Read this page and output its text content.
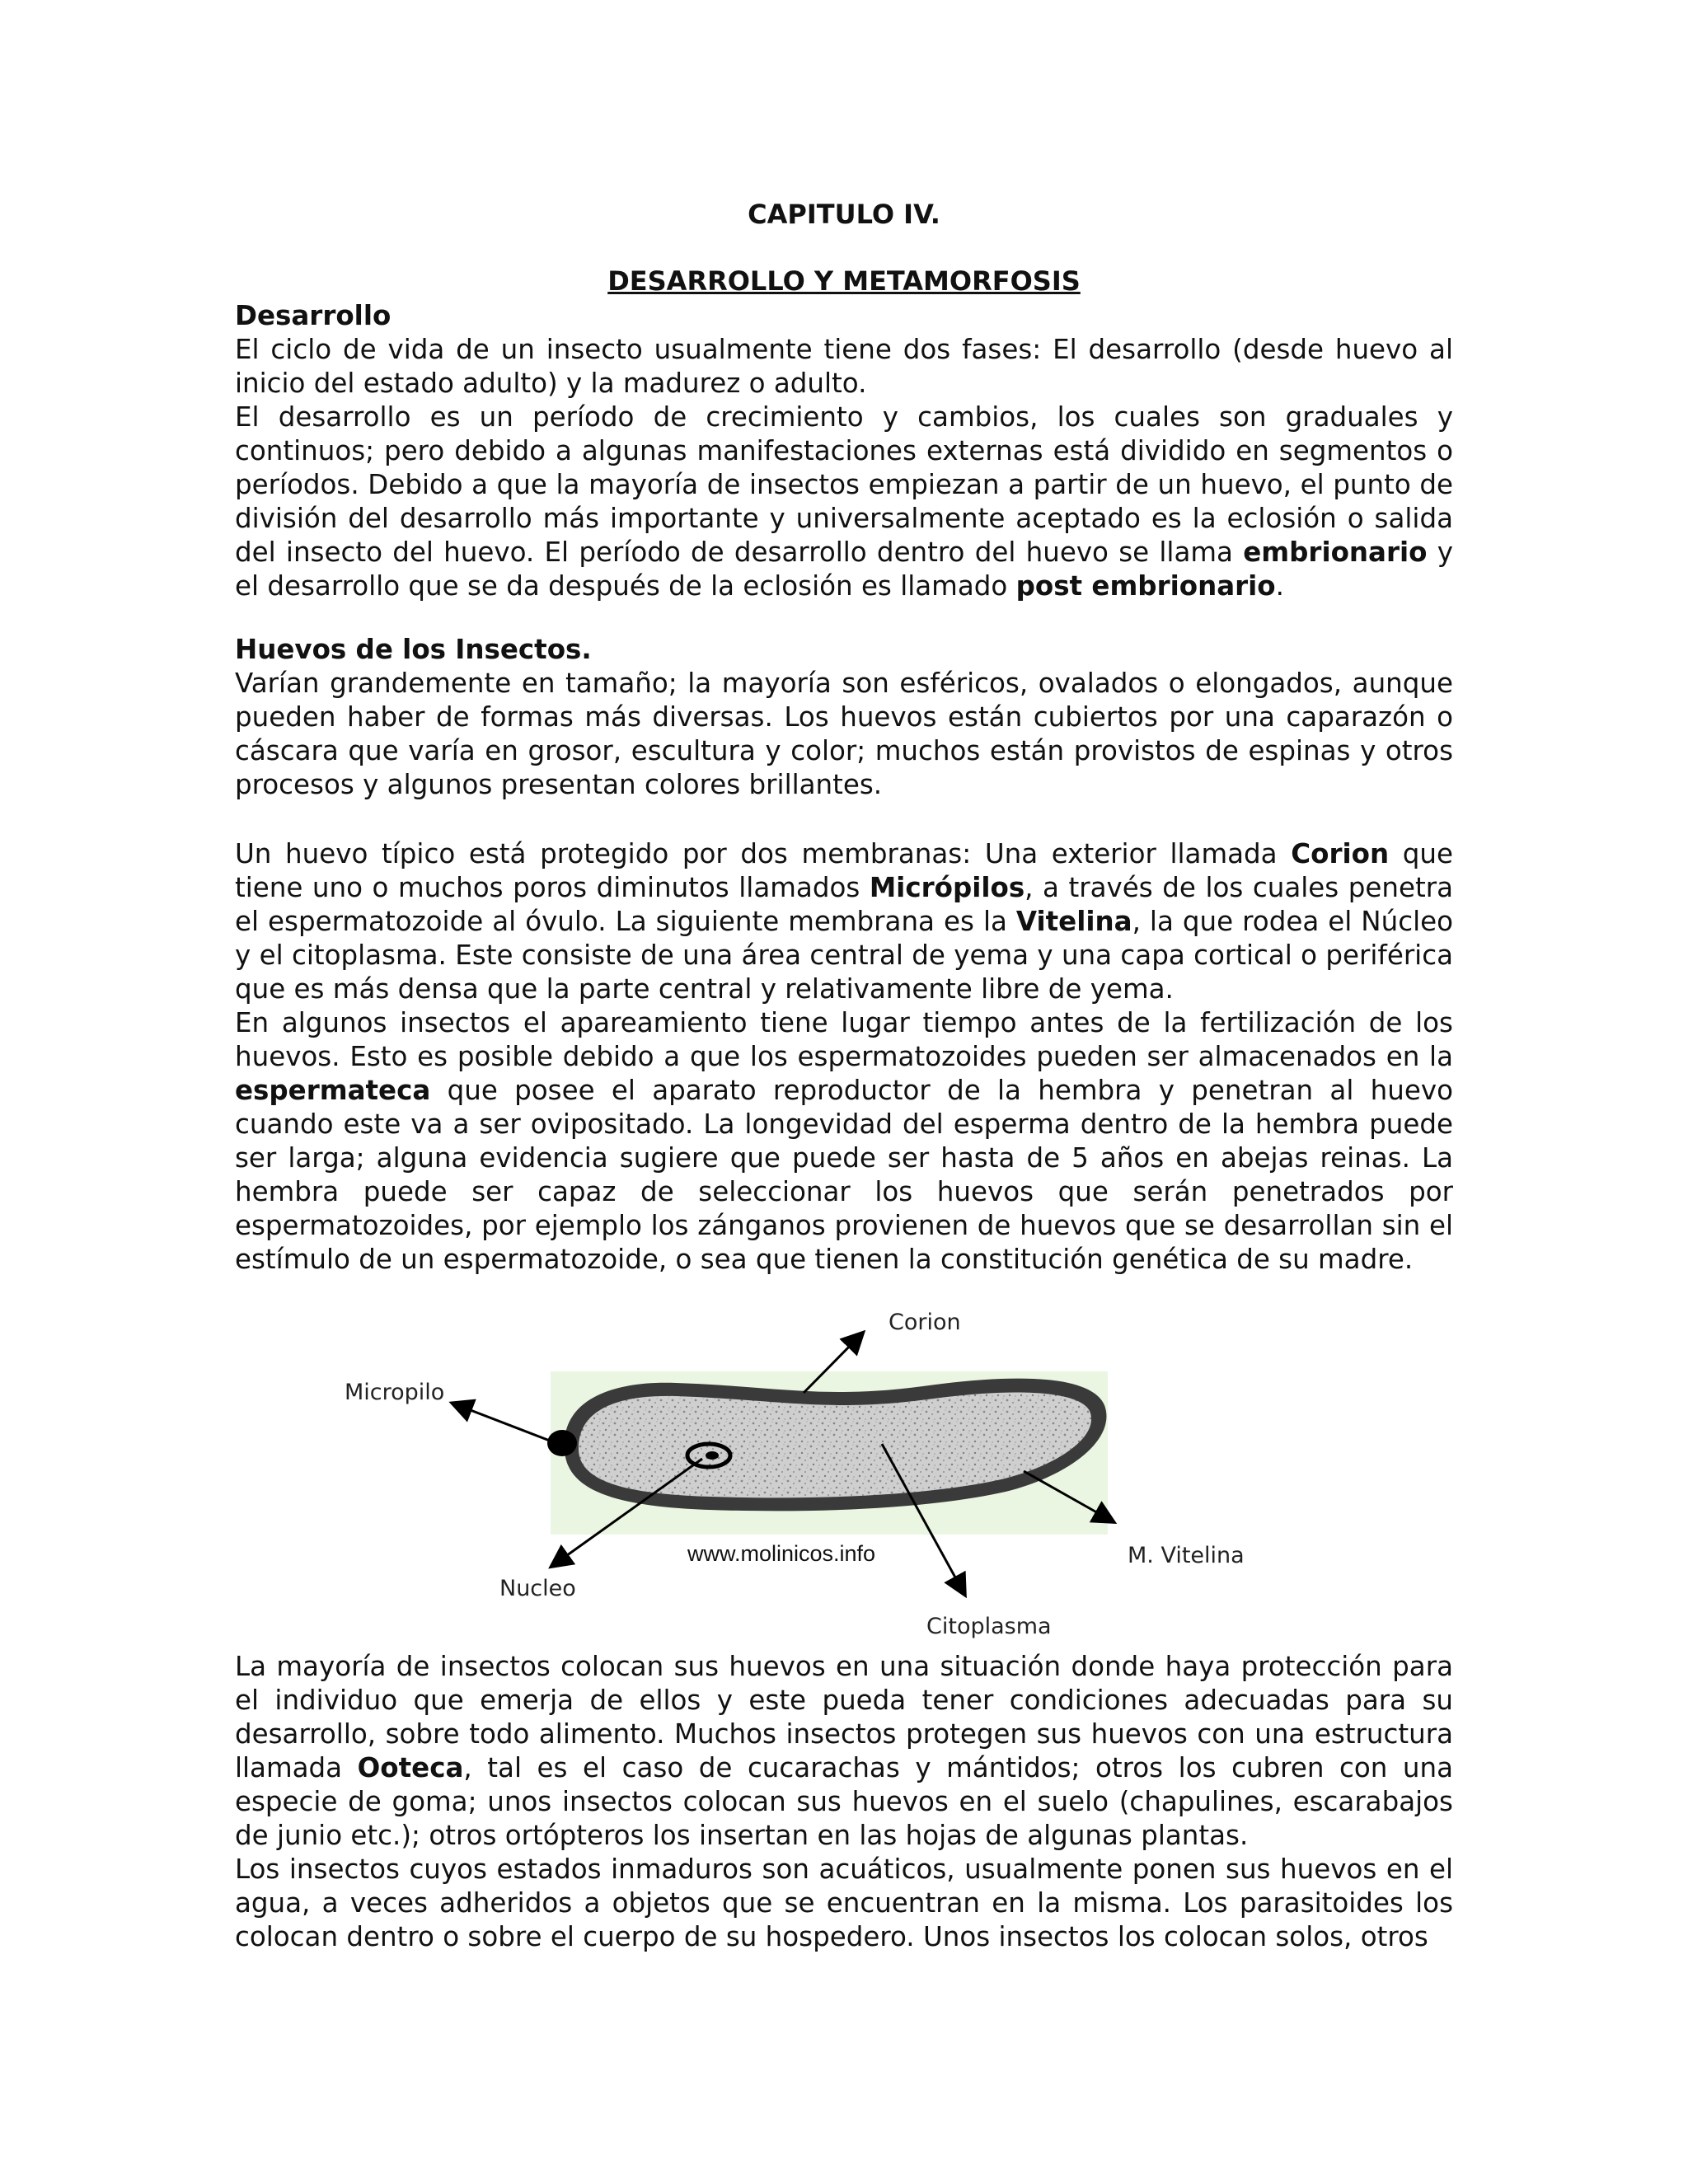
CAPITULO IV.
DESARROLLO Y METAMORFOSIS
Desarrollo

El ciclo de vida de un insecto usualmente tiene dos fases: El desarrollo (desde huevo al inicio del estado adulto) y la madurez o adulto.

El desarrollo es un período de crecimiento y cambios, los cuales son graduales y continuos; pero debido a algunas manifestaciones externas está dividido en segmentos o períodos. Debido a que la mayoría de insectos empiezan a partir de un huevo, el punto de división del desarrollo más importante y universalmente aceptado es la eclosión o salida del insecto del huevo. El período de desarrollo dentro del huevo se llama embrionario y el desarrollo que se da después de la eclosión es llamado post embrionario.

Huevos de los Insectos.

Varían grandemente en tamaño; la mayoría son esféricos, ovalados o elongados, aunque pueden haber de formas más diversas. Los huevos están cubiertos por una caparazón o cáscara que varía en grosor, escultura y color; muchos están provistos de espinas y otros procesos y algunos presentan colores brillantes.

Un huevo típico está protegido por dos membranas: Una exterior llamada Corion que tiene uno o muchos poros diminutos llamados Micrópilos, a través de los cuales penetra el espermatozoide al óvulo. La siguiente membrana es la Vitelina, la que rodea el Núcleo y el citoplasma. Este consiste de una área central de yema y una capa cortical o periférica que es más densa que la parte central y relativamente libre de yema.

En algunos insectos el apareamiento tiene lugar tiempo antes de la fertilización de los huevos. Esto es posible debido a que los espermatozoides pueden ser almacenados en la espermateca que posee el aparato reproductor de la hembra y penetran al huevo cuando este va a ser ovipositado. La longevidad del esperma dentro de la hembra puede ser larga; alguna evidencia sugiere que puede ser hasta de 5 años en abejas reinas. La hembra puede ser capaz de seleccionar los huevos que serán penetrados por espermatozoides, por ejemplo los zánganos provienen de huevos que se desarrollan sin el estímulo de un espermatozoide, o sea que tienen la constitución genética de su madre.

Corion
Micropilo
M. Vitelina
Nucleo
Citoplasma
www.molinicos.info

La mayoría de insectos colocan sus huevos en una situación donde haya protección para el individuo que emerja de ellos y este pueda tener condiciones adecuadas para su desarrollo, sobre todo alimento. Muchos insectos protegen sus huevos con una estructura llamada Ooteca, tal es el caso de cucarachas y mántidos; otros los cubren con una especie de goma; unos insectos colocan sus huevos en el suelo (chapulines, escarabajos de junio etc.); otros ortópteros los insertan en las hojas de algunas plantas.

Los insectos cuyos estados inmaduros son acuáticos, usualmente ponen sus huevos en el agua, a veces adheridos a objetos que se encuentran en la misma. Los parasitoides los colocan dentro o sobre el cuerpo de su hospedero. Unos insectos los colocan solos, otros
